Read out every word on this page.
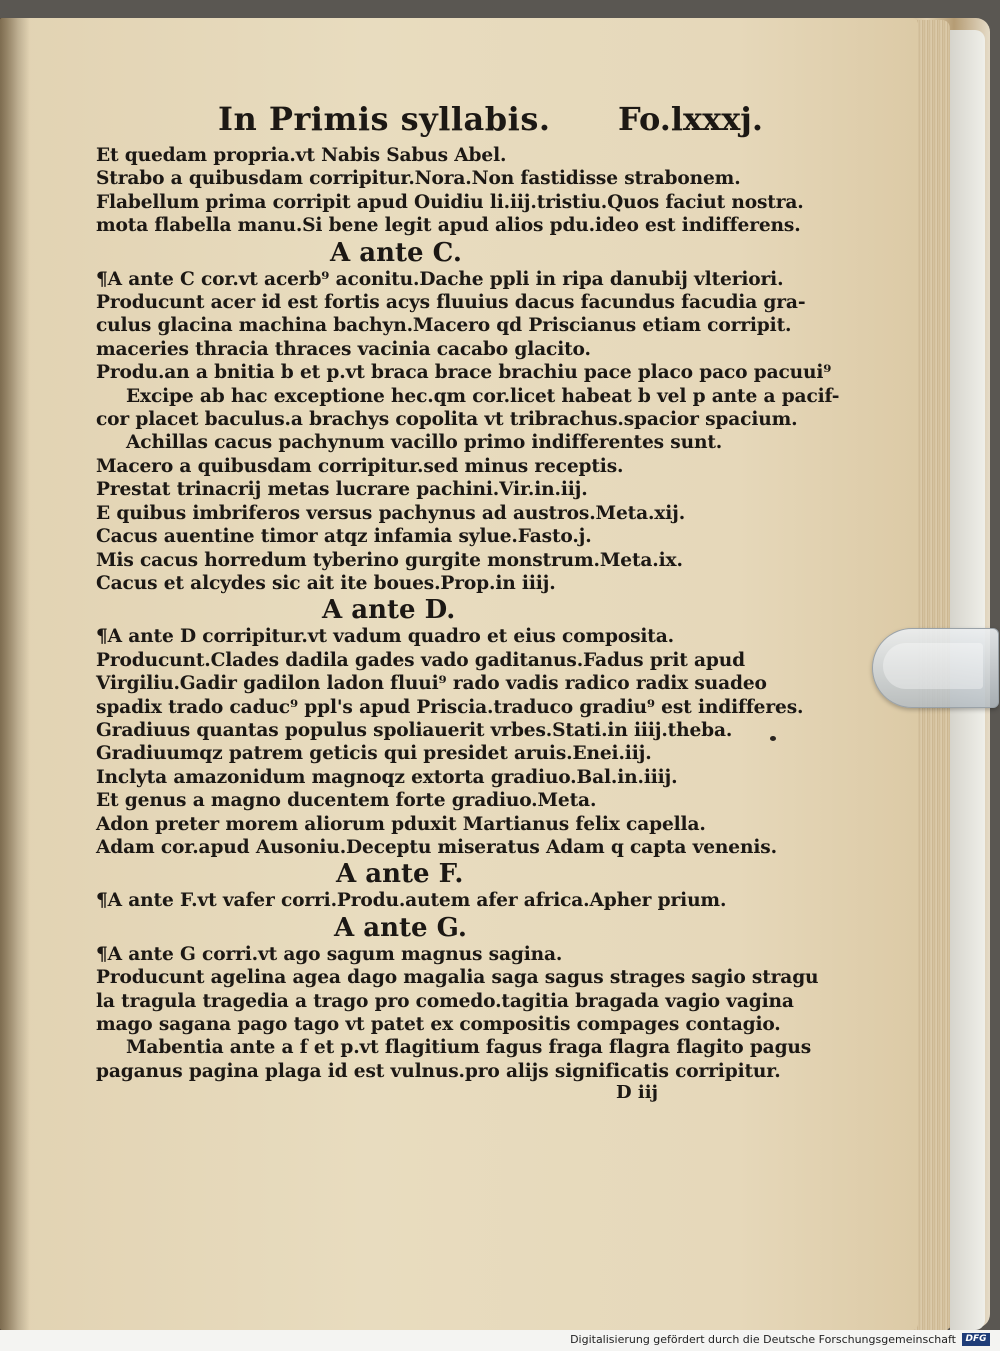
In Primis syllabis. Fo.lxxxj.
Et quedam propria.vt Nabis Sabus Abel.
Strabo a quibusdam corripitur.Nora.Non fastidisse strabonem.
Flabellum prima corripit apud Ouidiu li.iij.tristiu.Quos faciut nostra.
mota flabella manu.Si bene legit apud alios pdu.ideo est indifferens.
A ante C.
¶A ante C cor.vt acerb⁹ aconitu.Dache ppli in ripa danubij vlteriori.
Producunt acer id est fortis acys fluuius dacus facundus facudia gra-
culus glacina machina bachyn.Macero qd Priscianus etiam corripit.
maceries thracia thraces vacinia cacabo glacito.
Produ.an a bnitia b et p.vt braca brace brachiu pace placo paco pacuui⁹
Excipe ab hac exceptione hec.qm cor.licet habeat b vel p ante a pacif-
cor placet baculus.a brachys copolita vt tribrachus.spacior spacium.
Achillas cacus pachynum vacillo primo indifferentes sunt.
Macero a quibusdam corripitur.sed minus receptis.
Prestat trinacrij metas lucrare pachini.Vir.in.iij.
E quibus imbriferos versus pachynus ad austros.Meta.xij.
Cacus auentine timor atqz infamia sylue.Fasto.j.
Mis cacus horredum tyberino gurgite monstrum.Meta.ix.
Cacus et alcydes sic ait ite boues.Prop.in iiij.
A ante D.
¶A ante D corripitur.vt vadum quadro et eius composita.
Producunt.Clades dadila gades vado gaditanus.Fadus prit apud
Virgiliu.Gadir gadilon ladon fluui⁹ rado vadis radico radix suadeo
spadix trado caduc⁹ ppl's apud Priscia.traduco gradiu⁹ est indifferes.
Gradiuus quantas populus spoliauerit vrbes.Stati.in iiij.theba.
Gradiuumqz patrem geticis qui presidet aruis.Enei.iij.
Inclyta amazonidum magnoqz extorta gradiuo.Bal.in.iiij.
Et genus a magno ducentem forte gradiuo.Meta.
Adon preter morem aliorum pduxit Martianus felix capella.
Adam cor.apud Ausoniu.Deceptu miseratus Adam q capta venenis.
A ante F.
¶A ante F.vt vafer corri.Produ.autem afer africa.Apher prium.
A ante G.
¶A ante G corri.vt ago sagum magnus sagina.
Producunt agelina agea dago magalia saga sagus strages sagio stragu
la tragula tragedia a trago pro comedo.tagitia bragada vagio vagina
mago sagana pago tago vt patet ex compositis compages contagio.
Mabentia ante a f et p.vt flagitium fagus fraga flagra flagito pagus
paganus pagina plaga id est vulnus.pro alijs significatis corripitur.
D iij
Digitalisierung gefördert durch die Deutsche Forschungsgemeinschaft	DFG
